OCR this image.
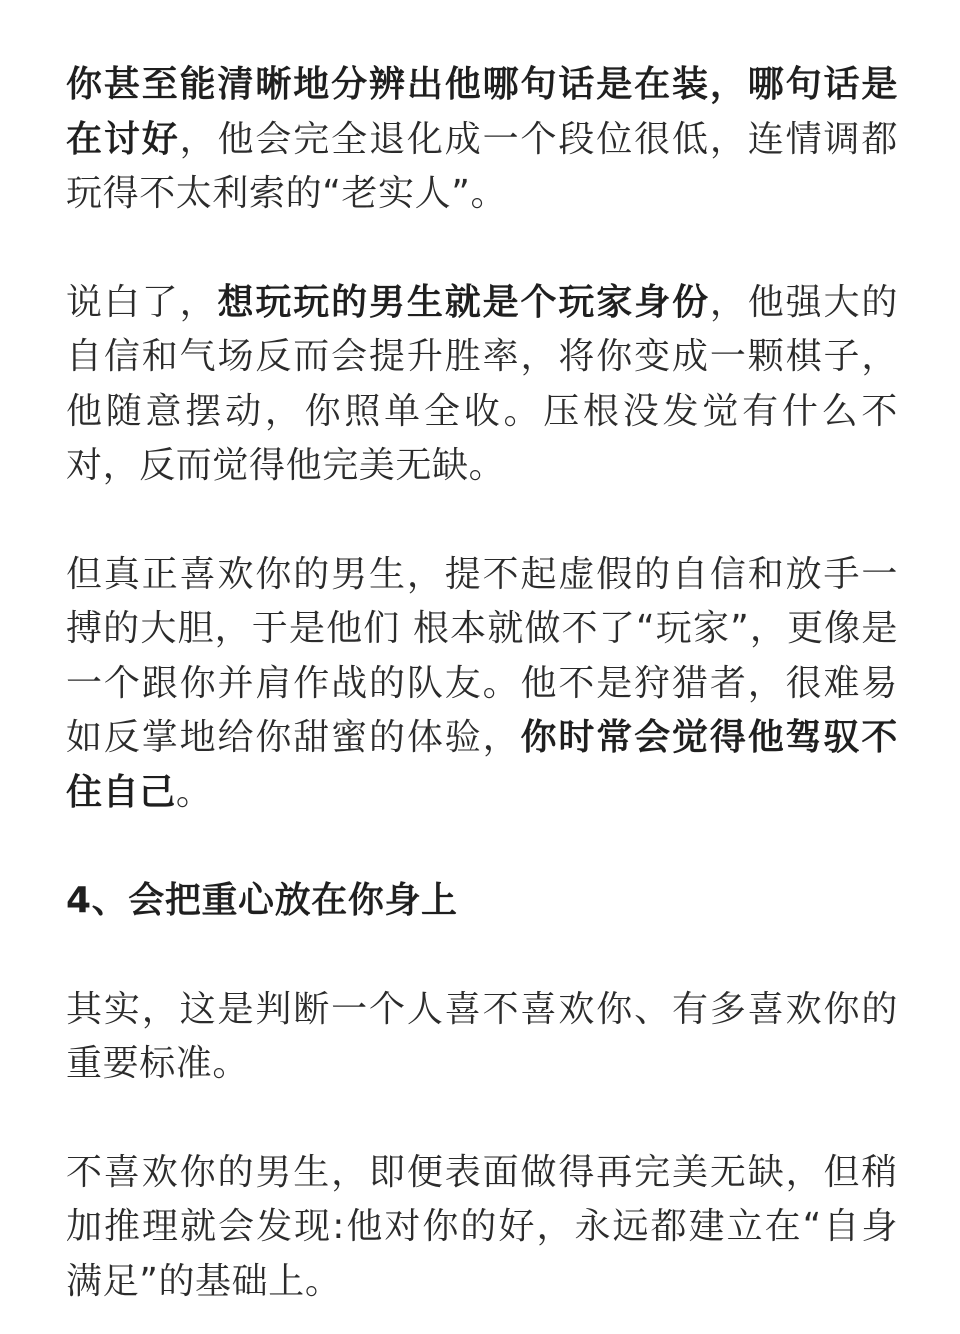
你甚至能清晰地分辨出他哪句话是在装，哪句话是在讨好，他会完全退化成一个段位很低，连情调都玩得不太利索的“老实人”。

说白了，想玩玩的男生就是个玩家身份，他强大的自信和气场反而会提升胜率，将你变成一颗棋子，他随意摆动，你照单全收。压根没发觉有什么不对，反而觉得他完美无缺。

但真正喜欢你的男生，提不起虚假的自信和放手一搏的大胆，于是他们 根本就做不了“玩家”，更像是一个跟你并肩作战的队友。他不是狩猎者，很难易如反掌地给你甜蜜的体验，你时常会觉得他驾驭不住自己。

4、会把重心放在你身上

其实，这是判断一个人喜不喜欢你、有多喜欢你的重要标准。

不喜欢你的男生，即便表面做得再完美无缺，但稍加推理就会发现:他对你的好，永远都建立在“自身满足”的基础上。
